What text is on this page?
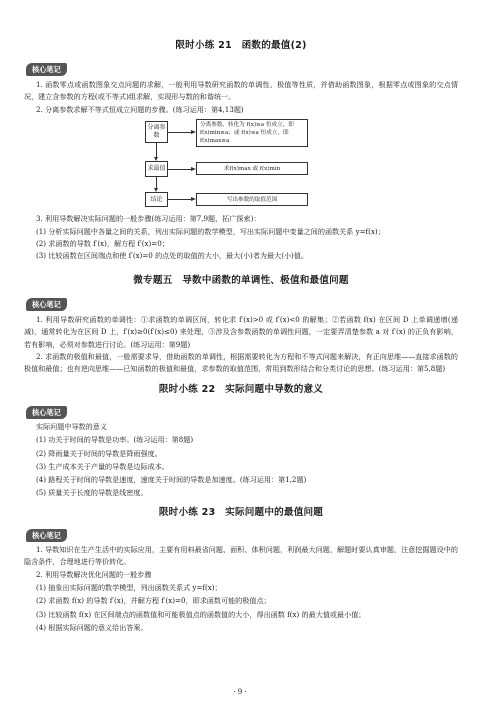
限时小练 21　函数的最值(2)
核心笔记
1. 函数零点或函数图象交点问题的求解，一般利用导数研究函数的单调性、极值等性质，并借助函数图象，根据零点或图象的交点情况，建立含参数的方程(或不等式)组求解，实现形与数的和谐统一。
2. 分离参数求解不等式恒成立问题的步骤。(练习运用：第4,13题)
分离参数
分离参数，转化为 f(x)≥a 恒成立，即f(x)min≥a；或 f(x)≤a 恒成立，即 f(x)max≤a
求最值	求f(x)max 或 f(x)min
结论	写出参数的取值范围
3. 利用导数解决实际问题的一般步骤(练习运用：第7,9题，拓广探索)：
(1) 分析实际问题中各量之间的关系，列出实际问题的数学模型，写出实际问题中变量之间的函数关系 y=f(x)；
(2) 求函数的导数 f′(x)，解方程 f′(x)=0；
(3) 比较函数在区间端点和使 f′(x)=0 的点处的取值的大小，最大(小)者为最大(小)值。
微专题五　导数中函数的单调性、极值和最值问题
核心笔记
1. 利用导数研究函数的单调性：①求函数的单调区间，转化求 f′(x)>0 或 f′(x)<0 的解集；②若函数 f(x) 在区间 D 上单调递增(递减)，通常转化为在区间 D 上，f′(x)≥0(f′(x)≤0) 来处理，③涉及含参数函数的单调性问题，一定要弄清楚参数 a 对 f′(x) 的正负有影响，若有影响，必须对参数进行讨论。(练习运用：第9题)
2. 求函数的极值和最值，一般需要求导，借助函数的单调性，根据需要转化为方程和不等式问题来解决，有正向思维——直接求函数的极值和最值；也有逆向思维——已知函数的极值和最值，求参数的取值范围，常用到数形结合和分类讨论的思想。(练习运用：第5,8题)
限时小练 22　实际问题中导数的意义
核心笔记
实际问题中导数的意义
(1) 功关于时间的导数是功率。(练习运用：第8题)
(2) 降雨量关于时间的导数是降雨强度。
(3) 生产成本关于产量的导数是边际成本。
(4) 路程关于时间的导数是速度，速度关于时间的导数是加速度。(练习运用：第1,2题)
(5) 质量关于长度的导数是线密度。
限时小练 23　实际问题中的最值问题
核心笔记
1. 导数知识在生产生活中的实际应用，主要有用料最省问题、面积、体积问题，利润最大问题，解题时要认真审题，注意挖掘题设中的隐含条件，合理地进行等价转化。
2. 利用导数解决优化问题的一般步骤
(1) 抽象出实际问题的数学模型，列出函数关系式 y=f(x)；
(2) 求函数 f(x) 的导数 f′(x)，并解方程 f′(x)=0，即求函数可能的极值点；
(3) 比较函数 f(x) 在区间端点的函数值和可能极值点的函数值的大小，得出函数 f(x) 的最大值或最小值；
(4) 根据实际问题的意义给出答案。
· 9 ·
